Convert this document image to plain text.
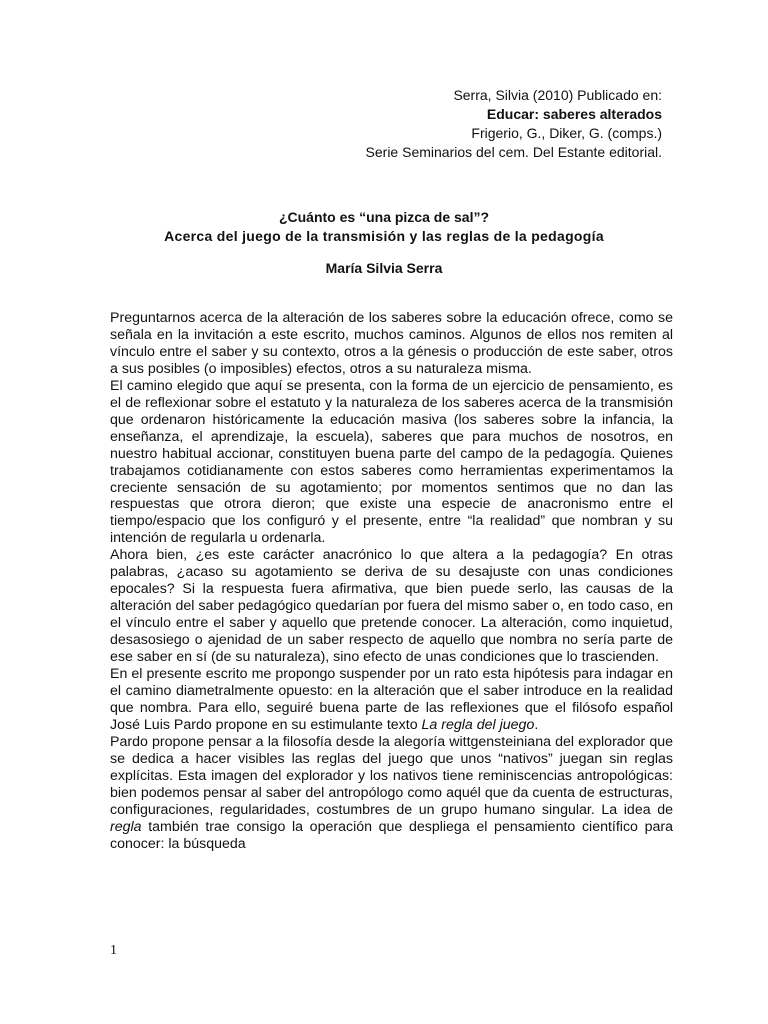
Serra, Silvia (2010) Publicado en:
Educar: saberes alterados
Frigerio, G., Diker, G. (comps.)
Serie Seminarios del cem. Del Estante editorial.
¿Cuánto es “una pizca de sal”?
Acerca del juego de la transmisión y las reglas de la pedagogía
María Silvia Serra

Preguntarnos acerca de la alteración de los saberes sobre la educación ofrece, como se señala en la invitación a este escrito, muchos caminos. Algunos de ellos nos remiten al vínculo entre el saber y su contexto, otros a la génesis o producción de este saber, otros a sus posibles (o imposibles) efectos, otros a su naturaleza misma.

El camino elegido que aquí se presenta, con la forma de un ejercicio de pensamiento, es el de reflexionar sobre el estatuto y la naturaleza de los saberes acerca de la transmisión que ordenaron históricamente la educación masiva (los saberes sobre la infancia, la enseñanza, el aprendizaje, la escuela), saberes que para muchos de nosotros, en nuestro habitual accionar, constituyen buena parte del campo de la pedagogía. Quienes trabajamos cotidianamente con estos saberes como herramientas experimentamos la creciente sensación de su agotamiento; por momentos sentimos que no dan las respuestas que otrora dieron; que existe una especie de anacronismo entre el tiempo/espacio que los configuró y el presente, entre “la realidad” que nombran y su intención de regularla u ordenarla.

Ahora bien, ¿es este carácter anacrónico lo que altera a la pedagogía? En otras palabras, ¿acaso su agotamiento se deriva de su desajuste con unas condiciones epocales? Si la respuesta fuera afirmativa, que bien puede serlo, las causas de la alteración del saber pedagógico quedarían por fuera del mismo saber o, en todo caso, en el vínculo entre el saber y aquello que pretende conocer. La alteración, como inquietud, desasosiego o ajenidad de un saber respecto de aquello que nombra no sería parte de ese saber en sí (de su naturaleza), sino efecto de unas condiciones que lo trascienden.

En el presente escrito me propongo suspender por un rato esta hipótesis para indagar en el camino diametralmente opuesto: en la alteración que el saber introduce en la realidad que nombra. Para ello, seguiré buena parte de las reflexiones que el filósofo español José Luis Pardo propone en su estimulante texto La regla del juego.

Pardo propone pensar a la filosofía desde la alegoría wittgensteiniana del explorador que se dedica a hacer visibles las reglas del juego que unos “nativos” juegan sin reglas explícitas. Esta imagen del explorador y los nativos tiene reminiscencias antropológicas: bien podemos pensar al saber del antropólogo como aquél que da cuenta de estructuras, configuraciones, regularidades, costumbres de un grupo humano singular. La idea de regla también trae consigo la operación que despliega el pensamiento científico para conocer: la búsqueda

1
